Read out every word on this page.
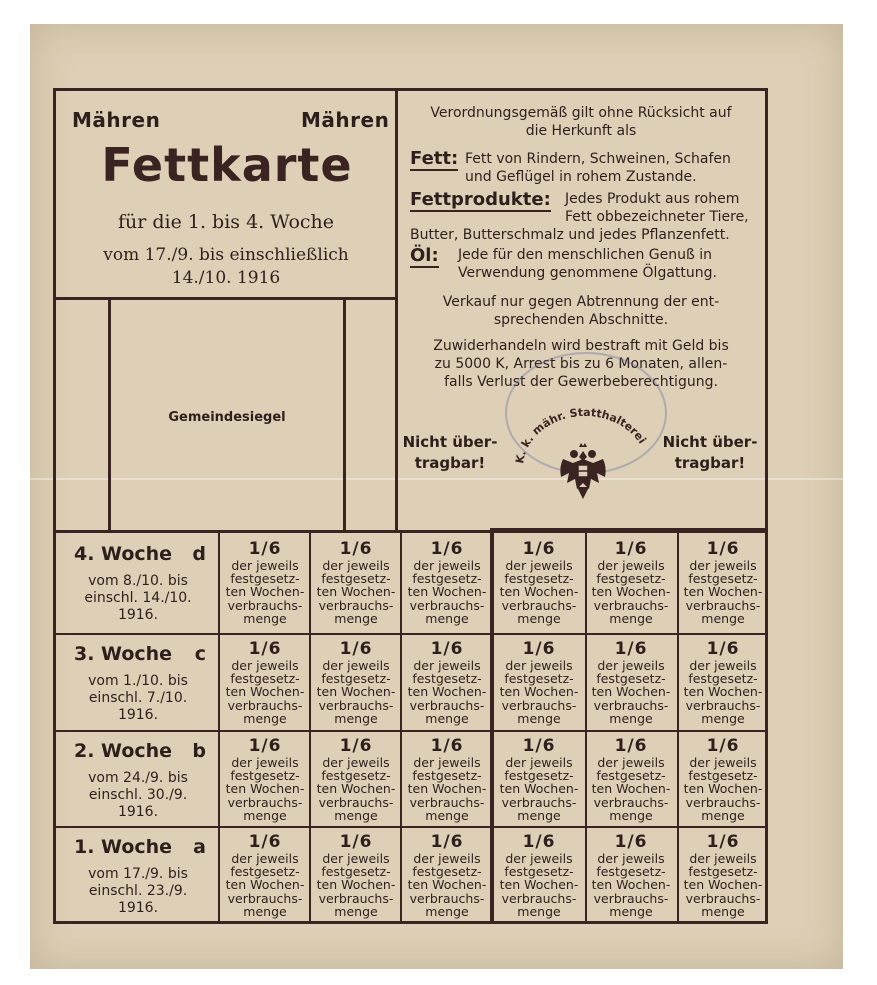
Mähren	Mähren
Fettkarte
für die 1. bis 4. Woche
vom 17./9. bis einschließlich
14./10. 1916
Gemeindesiegel
Verordnungsgemäß gilt ohne Rücksicht auf
die Herkunft als
Fett: Fett von Rindern, Schweinen, Schafen
und Geflügel in rohem Zustande.
Fettprodukte: Jedes Produkt aus rohem
Fett obbezeichneter Tiere,
Butter, Butterschmalz und jedes Pflanzenfett.
Öl: Jede für den menschlichen Genuß in
Verwendung genommene Ölgattung.
Verkauf nur gegen Abtrennung der ent-
sprechenden Abschnitte.
Zuwiderhandeln wird bestraft mit Geld bis
zu 5000 K, Arrest bis zu 6 Monaten, allen-
falls Verlust der Gewerbeberechtigung.
K. k. mähr. Statthalterei
Nicht über-
tragbar!
Nicht über-
tragbar!
4. Woche d
vom 8./10. bis
einschl. 14./10.
1916.
1/6
der jeweils
festgesetz-
ten Wochen-
verbrauchs-
menge
1/6
der jeweils
festgesetz-
ten Wochen-
verbrauchs-
menge
1/6
der jeweils
festgesetz-
ten Wochen-
verbrauchs-
menge
1/6
der jeweils
festgesetz-
ten Wochen-
verbrauchs-
menge
1/6
der jeweils
festgesetz-
ten Wochen-
verbrauchs-
menge
1/6
der jeweils
festgesetz-
ten Wochen-
verbrauchs-
menge
3. Woche c
vom 1./10. bis
einschl. 7./10.
1916.
1/6
der jeweils
festgesetz-
ten Wochen-
verbrauchs-
menge
1/6
der jeweils
festgesetz-
ten Wochen-
verbrauchs-
menge
1/6
der jeweils
festgesetz-
ten Wochen-
verbrauchs-
menge
1/6
der jeweils
festgesetz-
ten Wochen-
verbrauchs-
menge
1/6
der jeweils
festgesetz-
ten Wochen-
verbrauchs-
menge
1/6
der jeweils
festgesetz-
ten Wochen-
verbrauchs-
menge
2. Woche b
vom 24./9. bis
einschl. 30./9.
1916.
1/6
der jeweils
festgesetz-
ten Wochen-
verbrauchs-
menge
1/6
der jeweils
festgesetz-
ten Wochen-
verbrauchs-
menge
1/6
der jeweils
festgesetz-
ten Wochen-
verbrauchs-
menge
1/6
der jeweils
festgesetz-
ten Wochen-
verbrauchs-
menge
1/6
der jeweils
festgesetz-
ten Wochen-
verbrauchs-
menge
1/6
der jeweils
festgesetz-
ten Wochen-
verbrauchs-
menge
1. Woche a
vom 17./9. bis
einschl. 23./9.
1916.
1/6
der jeweils
festgesetz-
ten Wochen-
verbrauchs-
menge
1/6
der jeweils
festgesetz-
ten Wochen-
verbrauchs-
menge
1/6
der jeweils
festgesetz-
ten Wochen-
verbrauchs-
menge
1/6
der jeweils
festgesetz-
ten Wochen-
verbrauchs-
menge
1/6
der jeweils
festgesetz-
ten Wochen-
verbrauchs-
menge
1/6
der jeweils
festgesetz-
ten Wochen-
verbrauchs-
menge
